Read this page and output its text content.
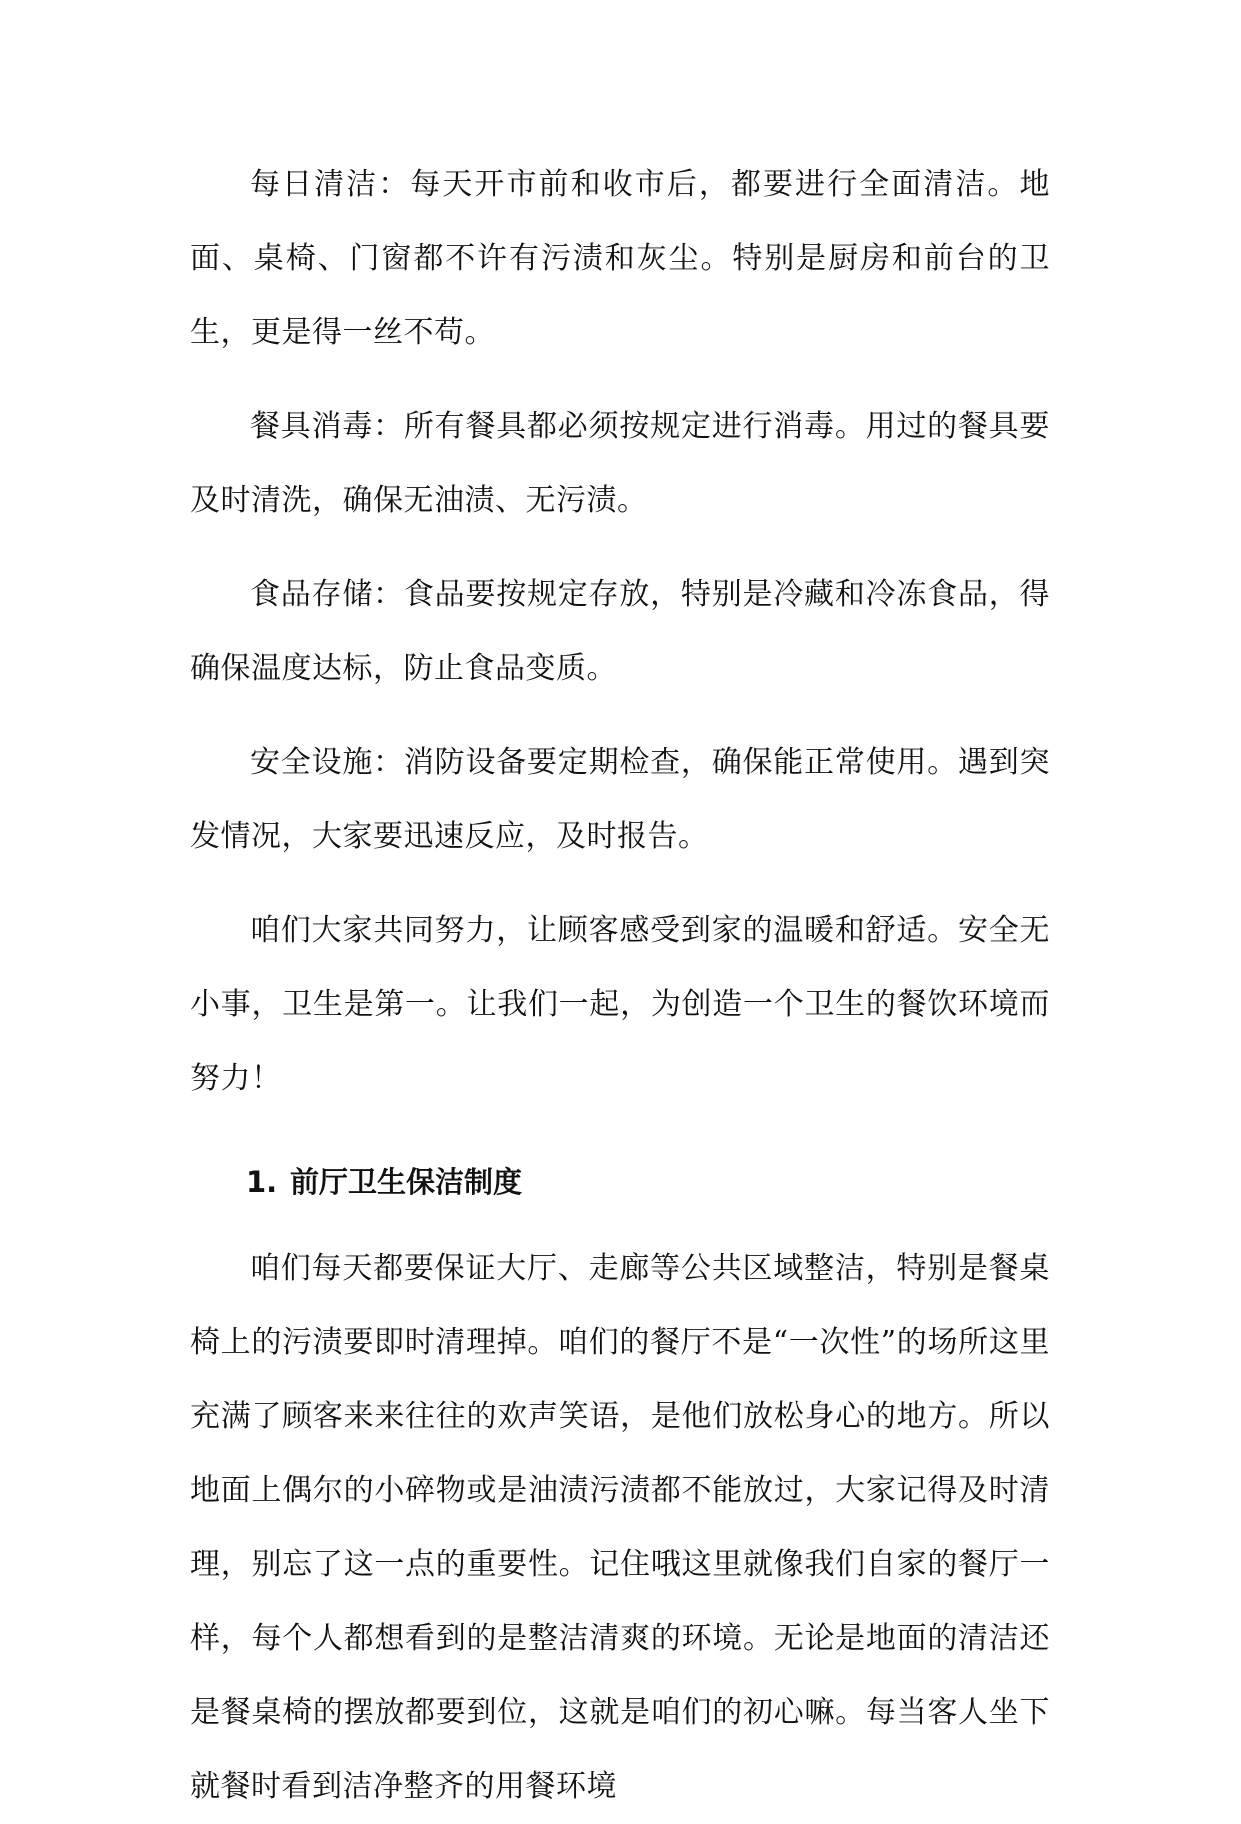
每日清洁：每天开市前和收市后，都要进行全面清洁。地面、桌椅、门窗都不许有污渍和灰尘。特别是厨房和前台的卫生，更是得一丝不苟。

餐具消毒：所有餐具都必须按规定进行消毒。用过的餐具要及时清洗，确保无油渍、无污渍。

食品存储：食品要按规定存放，特别是冷藏和冷冻食品，得确保温度达标，防止食品变质。

安全设施：消防设备要定期检查，确保能正常使用。遇到突发情况，大家要迅速反应，及时报告。

咱们大家共同努力，让顾客感受到家的温暖和舒适。安全无小事，卫生是第一。让我们一起，为创造一个卫生的餐饮环境而努力！

1. 前厅卫生保洁制度

咱们每天都要保证大厅、走廊等公共区域整洁，特别是餐桌椅上的污渍要即时清理掉。咱们的餐厅不是“一次性”的场所这里充满了顾客来来往往的欢声笑语，是他们放松身心的地方。所以地面上偶尔的小碎物或是油渍污渍都不能放过，大家记得及时清理，别忘了这一点的重要性。记住哦这里就像我们自家的餐厅一样，每个人都想看到的是整洁清爽的环境。无论是地面的清洁还是餐桌椅的摆放都要到位，这就是咱们的初心嘛。每当客人坐下就餐时看到洁净整齐的用餐环境
